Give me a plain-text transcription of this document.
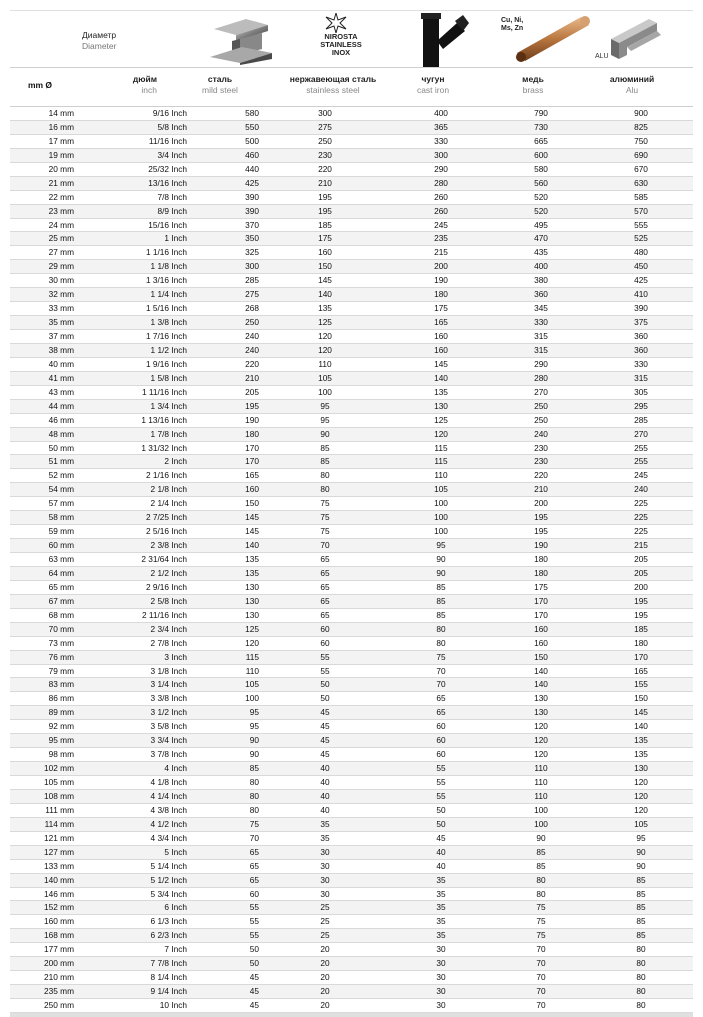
Диаметр
Diameter
NIROSTA
STAINLESS
INOX
Cu, Ni,
Ms, Zn
ALU
mm Ø
дюйм
inch
сталь
mild steel
нержавеющая сталь
stainless steel
чугун
cast iron
медь
brass
алюминий
Alu
14 mm	9/16 Inch	580	300	400	790	900
16 mm	5/8 Inch	550	275	365	730	825
17 mm	11/16 Inch	500	250	330	665	750
19 mm	3/4 Inch	460	230	300	600	690
20 mm	25/32 Inch	440	220	290	580	670
21 mm	13/16 Inch	425	210	280	560	630
22 mm	7/8 Inch	390	195	260	520	585
23 mm	8/9 Inch	390	195	260	520	570
24 mm	15/16 Inch	370	185	245	495	555
25 mm	1 Inch	350	175	235	470	525
27 mm	1 1/16 Inch	325	160	215	435	480
29 mm	1 1/8 Inch	300	150	200	400	450
30 mm	1 3/16 Inch	285	145	190	380	425
32 mm	1 1/4 Inch	275	140	180	360	410
33 mm	1 5/16 Inch	268	135	175	345	390
35 mm	1 3/8 Inch	250	125	165	330	375
37 mm	1 7/16 Inch	240	120	160	315	360
38 mm	1 1/2 Inch	240	120	160	315	360
40 mm	1 9/16 Inch	220	110	145	290	330
41 mm	1 5/8 Inch	210	105	140	280	315
43 mm	1 11/16 Inch	205	100	135	270	305
44 mm	1 3/4 Inch	195	95	130	250	295
46 mm	1 13/16 Inch	190	95	125	250	285
48 mm	1 7/8 Inch	180	90	120	240	270
50 mm	1 31/32 Inch	170	85	115	230	255
51 mm	2 Inch	170	85	115	230	255
52 mm	2 1/16 Inch	165	80	110	220	245
54 mm	2 1/8 Inch	160	80	105	210	240
57 mm	2 1/4 Inch	150	75	100	200	225
58 mm	2 7/25 Inch	145	75	100	195	225
59 mm	2 5/16 Inch	145	75	100	195	225
60 mm	2 3/8 Inch	140	70	95	190	215
63 mm	2 31/64 Inch	135	65	90	180	205
64 mm	2 1/2 Inch	135	65	90	180	205
65 mm	2 9/16 Inch	130	65	85	175	200
67 mm	2 5/8 Inch	130	65	85	170	195
68 mm	2 11/16 Inch	130	65	85	170	195
70 mm	2 3/4 Inch	125	60	80	160	185
73 mm	2 7/8 Inch	120	60	80	160	180
76 mm	3 Inch	115	55	75	150	170
79 mm	3 1/8 Inch	110	55	70	140	165
83 mm	3 1/4 Inch	105	50	70	140	155
86 mm	3 3/8 Inch	100	50	65	130	150
89 mm	3 1/2 Inch	95	45	65	130	145
92 mm	3 5/8 Inch	95	45	60	120	140
95 mm	3 3/4 Inch	90	45	60	120	135
98 mm	3 7/8 Inch	90	45	60	120	135
102 mm	4 Inch	85	40	55	110	130
105 mm	4 1/8 Inch	80	40	55	110	120
108 mm	4 1/4 Inch	80	40	55	110	120
111 mm	4 3/8 Inch	80	40	50	100	120
114 mm	4 1/2 Inch	75	35	50	100	105
121 mm	4 3/4 Inch	70	35	45	90	95
127 mm	5 Inch	65	30	40	85	90
133 mm	5 1/4 Inch	65	30	40	85	90
140 mm	5 1/2 Inch	65	30	35	80	85
146 mm	5 3/4 Inch	60	30	35	80	85
152 mm	6 Inch	55	25	35	75	85
160 mm	6 1/3 Inch	55	25	35	75	85
168 mm	6 2/3 Inch	55	25	35	75	85
177 mm	7 Inch	50	20	30	70	80
200 mm	7 7/8 Inch	50	20	30	70	80
210 mm	8 1/4 Inch	45	20	30	70	80
235 mm	9 1/4 Inch	45	20	30	70	80
250 mm	10 Inch	45	20	30	70	80
